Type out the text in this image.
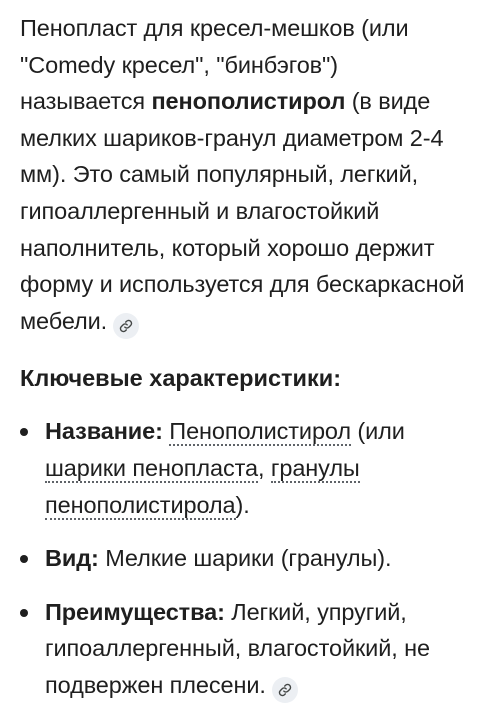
Пенопласт для кресел-мешков (или "Comedy кресел", "бинбэгов") называется пенополистирол (в виде мелких шариков-гранул диаметром 2-4 мм). Это самый популярный, легкий, гипоаллергенный и влагостойкий наполнитель, который хорошо держит форму и используется для бескаркасной мебели.

Ключевые характеристики:
Название: Пенополистирол (или шарики пенопласта, гранулы пенополистирола).
Вид: Мелкие шарики (гранулы).
Преимущества: Легкий, упругий, гипоаллергенный, влагостойкий, не подвержен плесени.
